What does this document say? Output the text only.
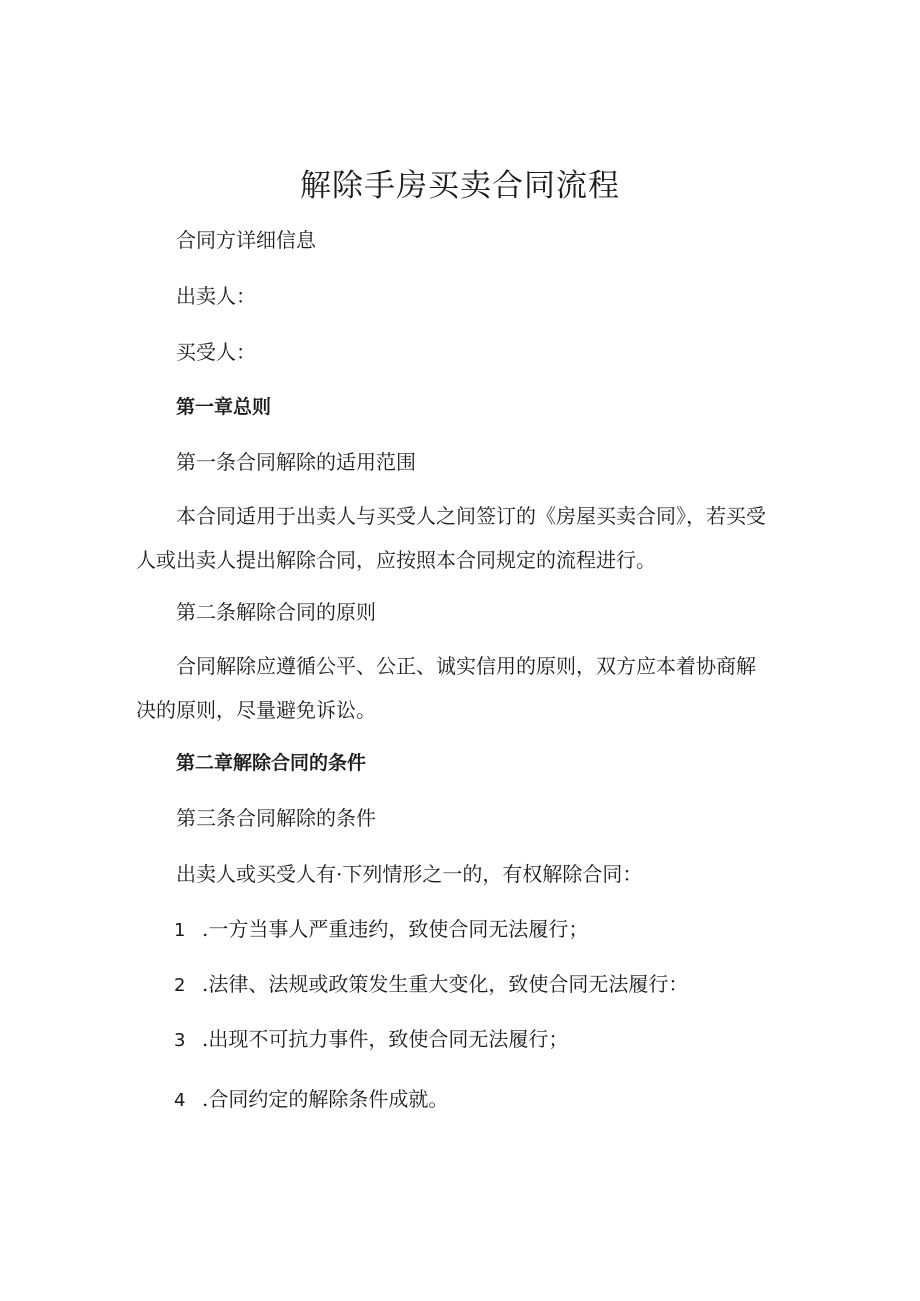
解除手房买卖合同流程

合同方详细信息

出卖人：

买受人：

第一章总则

第一条合同解除的适用范围

本合同适用于出卖人与买受人之间签订的《房屋买卖合同》，若买受人或出卖人提出解除合同，应按照本合同规定的流程进行。

第二条解除合同的原则

合同解除应遵循公平、公正、诚实信用的原则，双方应本着协商解决的原则，尽量避免诉讼。

第二章解除合同的条件

第三条合同解除的条件

出卖人或买受人有·下列情形之一的，有权解除合同：

1 .一方当事人严重违约，致使合同无法履行；

2 .法律、法规或政策发生重大变化，致使合同无法履行：

3 .出现不可抗力事件，致使合同无法履行；

4 .合同约定的解除条件成就。
